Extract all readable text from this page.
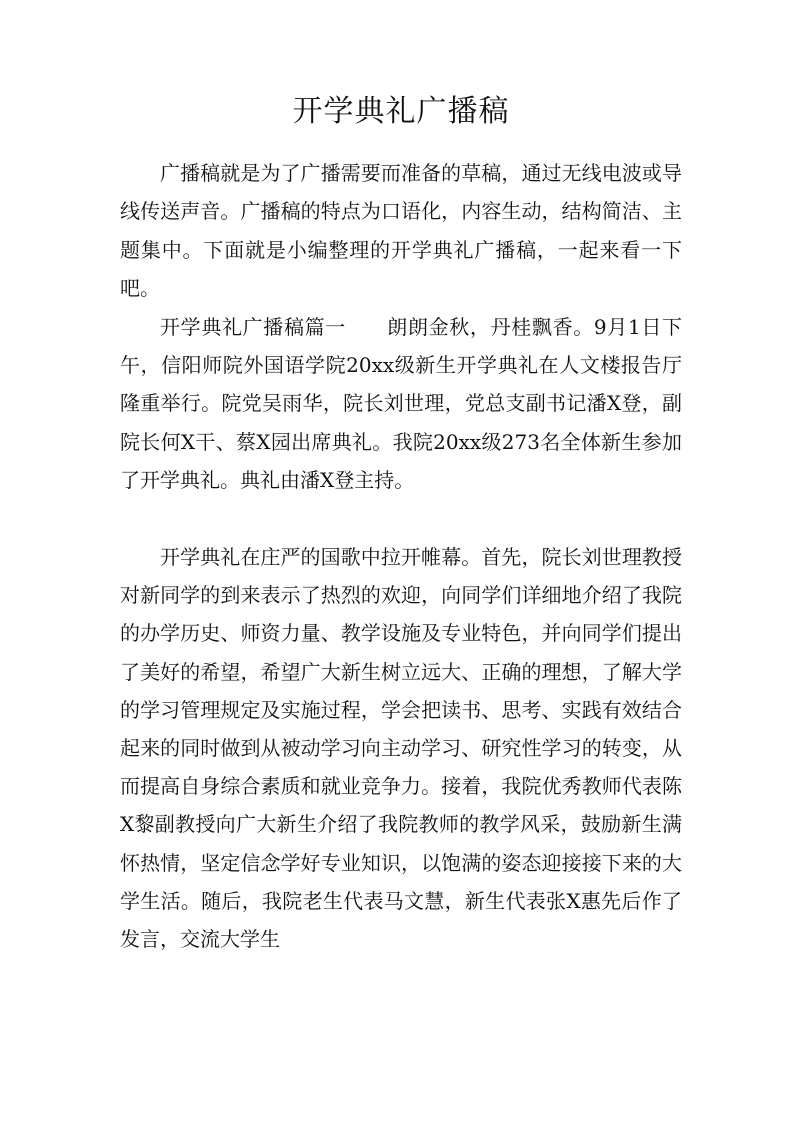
开学典礼广播稿

广播稿就是为了广播需要而准备的草稿，通过无线电波或导线传送声音。广播稿的特点为口语化，内容生动，结构简洁、主题集中。下面就是小编整理的开学典礼广播稿，一起来看一下吧。

开学典礼广播稿篇一　　朗朗金秋，丹桂飘香。9月1日下午，信阳师院外国语学院20xx级新生开学典礼在人文楼报告厅隆重举行。院党吴雨华，院长刘世理，党总支副书记潘X登，副院长何X干、蔡X园出席典礼。我院20xx级273名全体新生参加了开学典礼。典礼由潘X登主持。

开学典礼在庄严的国歌中拉开帷幕。首先，院长刘世理教授对新同学的到来表示了热烈的欢迎，向同学们详细地介绍了我院的办学历史、师资力量、教学设施及专业特色，并向同学们提出了美好的希望，希望广大新生树立远大、正确的理想，了解大学的学习管理规定及实施过程，学会把读书、思考、实践有效结合起来的同时做到从被动学习向主动学习、研究性学习的转变，从而提高自身综合素质和就业竞争力。接着，我院优秀教师代表陈X黎副教授向广大新生介绍了我院教师的教学风采，鼓励新生满怀热情，坚定信念学好专业知识，以饱满的姿态迎接接下来的大学生活。随后，我院老生代表马文慧，新生代表张X惠先后作了发言，交流大学生
